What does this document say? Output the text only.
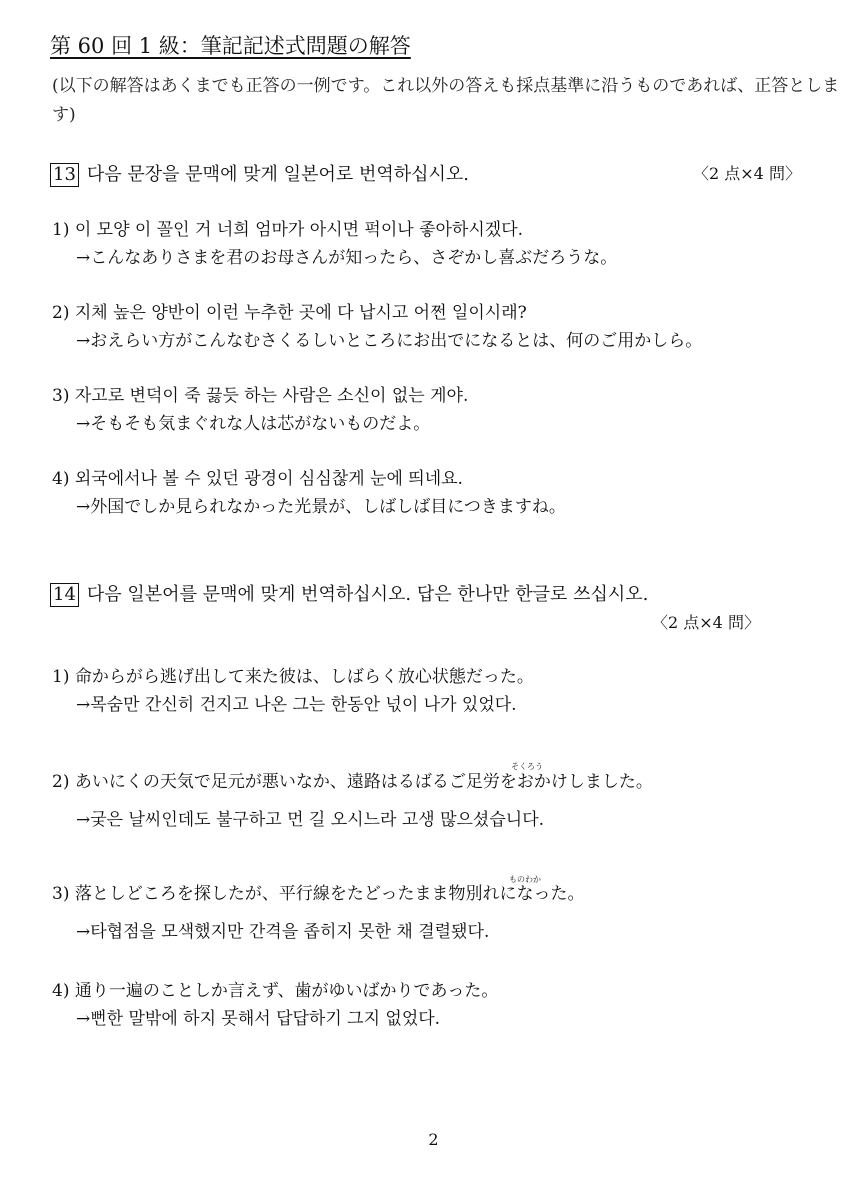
第 60 回 1 級：筆記記述式問題の解答
(以下の解答はあくまでも正答の一例です。これ以外の答えも採点基準に沿うものであれば、正答とします)
13 다음 문장을 문맥에 맞게 일본어로 번역하십시오.	〈2 点×4 問〉
1) 이 모양 이 꼴인 거 너희 엄마가 아시면 퍽이나 좋아하시겠다.
→こんなありさまを君のお母さんが知ったら、さぞかし喜ぶだろうな。
2) 지체 높은 양반이 이런 누추한 곳에 다 납시고 어쩐 일이시래?
→おえらい方がこんなむさくるしいところにお出でになるとは、何のご用かしら。
3) 자고로 변덕이 죽 끓듯 하는 사람은 소신이 없는 게야.
→そもそも気まぐれな人は芯がないものだよ。
4) 외국에서나 볼 수 있던 광경이 심심찮게 눈에 띄네요.
→外国でしか見られなかった光景が、しばしば目につきますね。
14 다음 일본어를 문맥에 맞게 번역하십시오. 답은 한나만 한글로 쓰십시오.
〈2 点×4 問〉
1) 命からがら逃げ出して来た彼は、しばらく放心状態だった。
→목숨만 간신히 건지고 나온 그는 한동안 넋이 나가 있었다.
そくろう
2) あいにくの天気で足元が悪いなか、遠路はるばるご足労をおかけしました。
→궂은 날씨인데도 불구하고 먼 길 오시느라 고생 많으셨습니다.
ものわか
3) 落としどころを探したが、平行線をたどったまま物別れになった。
→타협점을 모색했지만 간격을 좁히지 못한 채 결렬됐다.
4) 通り一遍のことしか言えず、歯がゆいばかりであった。
→뻔한 말밖에 하지 못해서 답답하기 그지 없었다.
2
